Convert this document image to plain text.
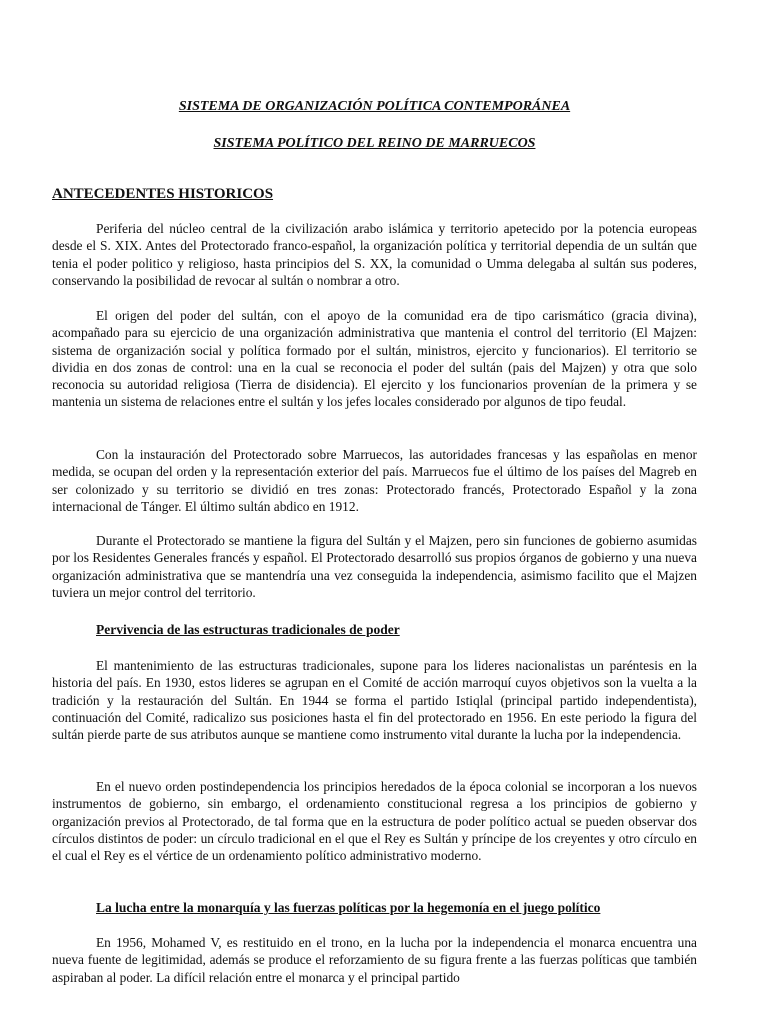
SISTEMA DE ORGANIZACIÓN POLÍTICA CONTEMPORÁNEA
SISTEMA POLÍTICO DEL REINO DE MARRUECOS
ANTECEDENTES HISTORICOS

Periferia del núcleo central de la civilización arabo islámica y territorio apetecido por la potencia europeas desde el S. XIX. Antes del Protectorado franco-español, la organización política y territorial dependia de un sultán que tenia el poder politico y religioso, hasta principios del S. XX, la comunidad o Umma delegaba al sultán sus poderes, conservando la posibilidad de revocar al sultán o nombrar a otro.

El origen del poder del sultán, con el apoyo de la comunidad era de tipo carismático (gracia divina), acompañado para su ejercicio de una organización administrativa que mantenia el control del territorio (El Majzen: sistema de organización social y política formado por el sultán, ministros, ejercito y funcionarios). El territorio se dividia en dos zonas de control: una en la cual se reconocia el poder del sultán (pais del Majzen) y otra que solo reconocia su autoridad religiosa (Tierra de disidencia). El ejercito y los funcionarios provenían de la primera y se mantenia un sistema de relaciones entre el sultán y los jefes locales considerado por algunos de tipo feudal.

Con la instauración del Protectorado sobre Marruecos, las autoridades francesas y las españolas en menor medida, se ocupan del orden y la representación exterior del país. Marruecos fue el último de los países del Magreb en ser colonizado y su territorio se dividió en tres zonas: Protectorado francés, Protectorado Español y la zona internacional de Tánger. El último sultán abdico en 1912.

Durante el Protectorado se mantiene la figura del Sultán y el Majzen, pero sin funciones de gobierno asumidas por los Residentes Generales francés y español. El Protectorado desarrolló sus propios órganos de gobierno y una nueva organización administrativa que se mantendría una vez conseguida la independencia, asimismo facilito que el Majzen tuviera un mejor control del territorio.

Pervivencia de las estructuras tradicionales de poder

El mantenimiento de las estructuras tradicionales, supone para los lideres nacionalistas un paréntesis en la historia del país. En 1930, estos lideres se agrupan en el Comité de acción marroquí cuyos objetivos son la vuelta a la tradición y la restauración del Sultán. En 1944 se forma el partido Istiqlal (principal partido independentista), continuación del Comité, radicalizo sus posiciones hasta el fin del protectorado en 1956. En este periodo la figura del sultán pierde parte de sus atributos aunque se mantiene como instrumento vital durante la lucha por la independencia.

En el nuevo orden postindependencia los principios heredados de la época colonial se incorporan a los nuevos instrumentos de gobierno, sin embargo, el ordenamiento constitucional regresa a los principios de gobierno y organización previos al Protectorado, de tal forma que en la estructura de poder político actual se pueden observar dos círculos distintos de poder: un círculo tradicional en el que el Rey es Sultán y príncipe de los creyentes y otro círculo en el cual el Rey es el vértice de un ordenamiento político administrativo moderno.

La lucha entre la monarquía y las fuerzas políticas por la hegemonía en el juego político

En 1956, Mohamed V, es restituido en el trono, en la lucha por la independencia el monarca encuentra una nueva fuente de legitimidad, además se produce el reforzamiento de su figura frente a las fuerzas políticas que también aspiraban al poder. La difícil relación entre el monarca y el principal partido
